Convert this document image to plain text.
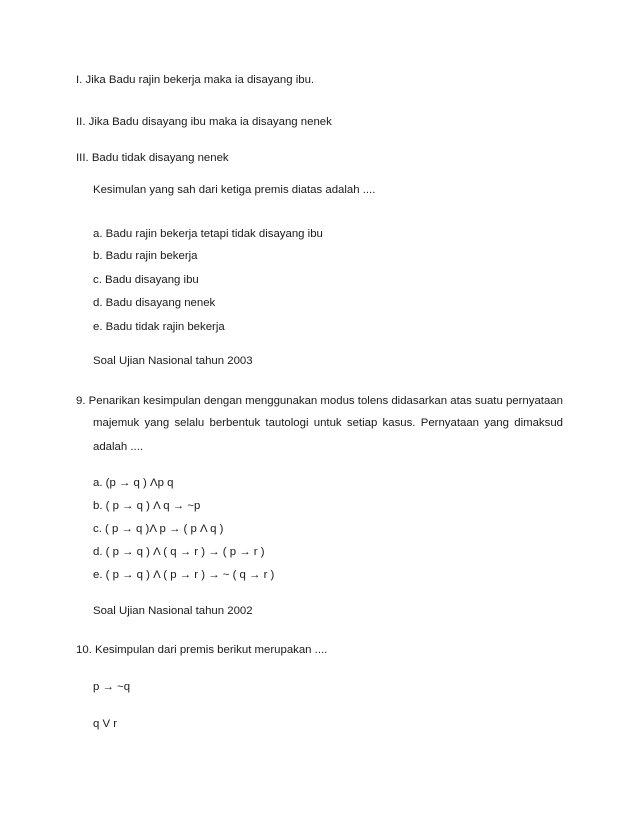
I. Jika Badu rajin bekerja maka ia disayang ibu.
II. Jika Badu disayang ibu maka ia disayang nenek
III. Badu tidak disayang nenek
Kesimulan yang sah dari ketiga premis diatas adalah ....
a. Badu rajin bekerja tetapi tidak disayang ibu
b. Badu rajin bekerja
c. Badu disayang ibu
d. Badu disayang nenek
e. Badu tidak rajin bekerja
Soal Ujian Nasional tahun 2003
9. Penarikan kesimpulan dengan menggunakan modus tolens didasarkan atas suatu pernyataan
majemuk yang selalu berbentuk tautologi untuk setiap kasus. Pernyataan yang dimaksud
adalah ....
a. (p → q ) Λp q
b. ( p → q ) Λ q → ~p
c. ( p → q )Λ p → ( p Λ q )
d. ( p → q ) Λ ( q → r ) → ( p → r )
e. ( p → q ) Λ ( p → r ) → ~ ( q → r )
Soal Ujian Nasional tahun 2002
10. Kesimpulan dari premis berikut merupakan ....
p → ~q
q V r
